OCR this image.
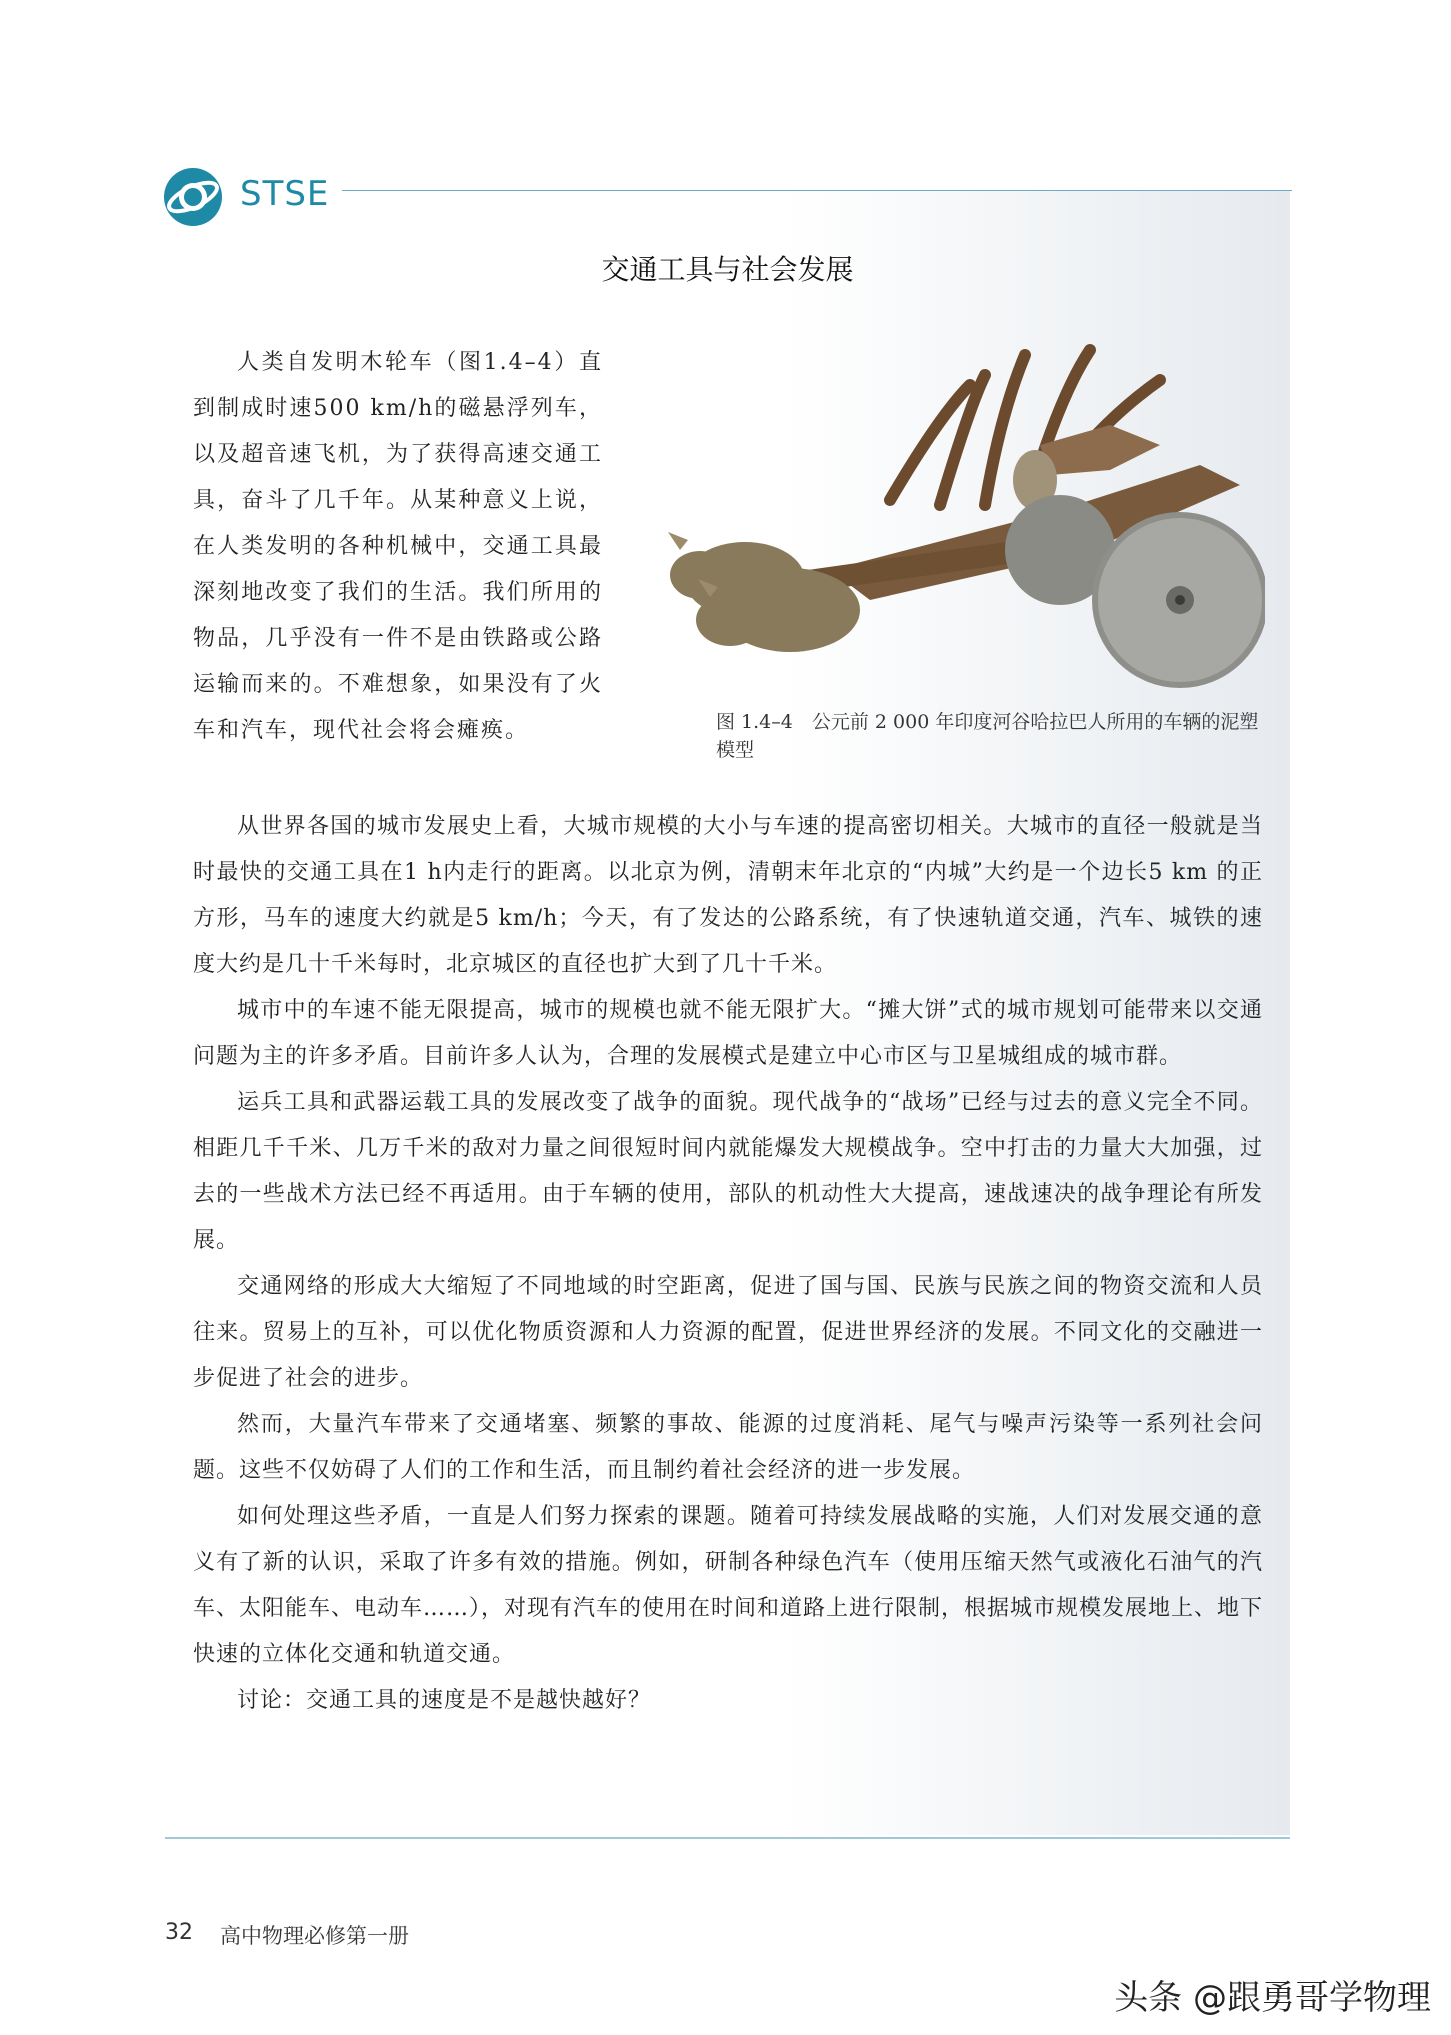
STSE
交通工具与社会发展
人类自发明木轮车（图1.4–4）直到制成时速500 km/h的磁悬浮列车，以及超音速飞机，为了获得高速交通工具，奋斗了几千年。从某种意义上说，在人类发明的各种机械中，交通工具最深刻地改变了我们的生活。我们所用的物品，几乎没有一件不是由铁路或公路运输而来的。不难想象，如果没有了火车和汽车，现代社会将会瘫痪。	图 1.4–4　公元前 2 000 年印度河谷哈拉巴人所用的车辆的泥塑模型

从世界各国的城市发展史上看，大城市规模的大小与车速的提高密切相关。大城市的直径一般就是当时最快的交通工具在1 h内走行的距离。以北京为例，清朝末年北京的“内城”大约是一个边长5 km 的正方形，马车的速度大约就是5 km/h；今天，有了发达的公路系统，有了快速轨道交通，汽车、城铁的速度大约是几十千米每时，北京城区的直径也扩大到了几十千米。

城市中的车速不能无限提高，城市的规模也就不能无限扩大。“摊大饼”式的城市规划可能带来以交通问题为主的许多矛盾。目前许多人认为，合理的发展模式是建立中心市区与卫星城组成的城市群。

运兵工具和武器运载工具的发展改变了战争的面貌。现代战争的“战场”已经与过去的意义完全不同。相距几千千米、几万千米的敌对力量之间很短时间内就能爆发大规模战争。空中打击的力量大大加强，过去的一些战术方法已经不再适用。由于车辆的使用，部队的机动性大大提高，速战速决的战争理论有所发展。

交通网络的形成大大缩短了不同地域的时空距离，促进了国与国、民族与民族之间的物资交流和人员往来。贸易上的互补，可以优化物质资源和人力资源的配置，促进世界经济的发展。不同文化的交融进一步促进了社会的进步。

然而，大量汽车带来了交通堵塞、频繁的事故、能源的过度消耗、尾气与噪声污染等一系列社会问题。这些不仅妨碍了人们的工作和生活，而且制约着社会经济的进一步发展。

如何处理这些矛盾，一直是人们努力探索的课题。随着可持续发展战略的实施，人们对发展交通的意义有了新的认识，采取了许多有效的措施。例如，研制各种绿色汽车（使用压缩天然气或液化石油气的汽车、太阳能车、电动车……），对现有汽车的使用在时间和道路上进行限制，根据城市规模发展地上、地下快速的立体化交通和轨道交通。

讨论：交通工具的速度是不是越快越好？

32 高中物理必修第一册
头条 @跟勇哥学物理
